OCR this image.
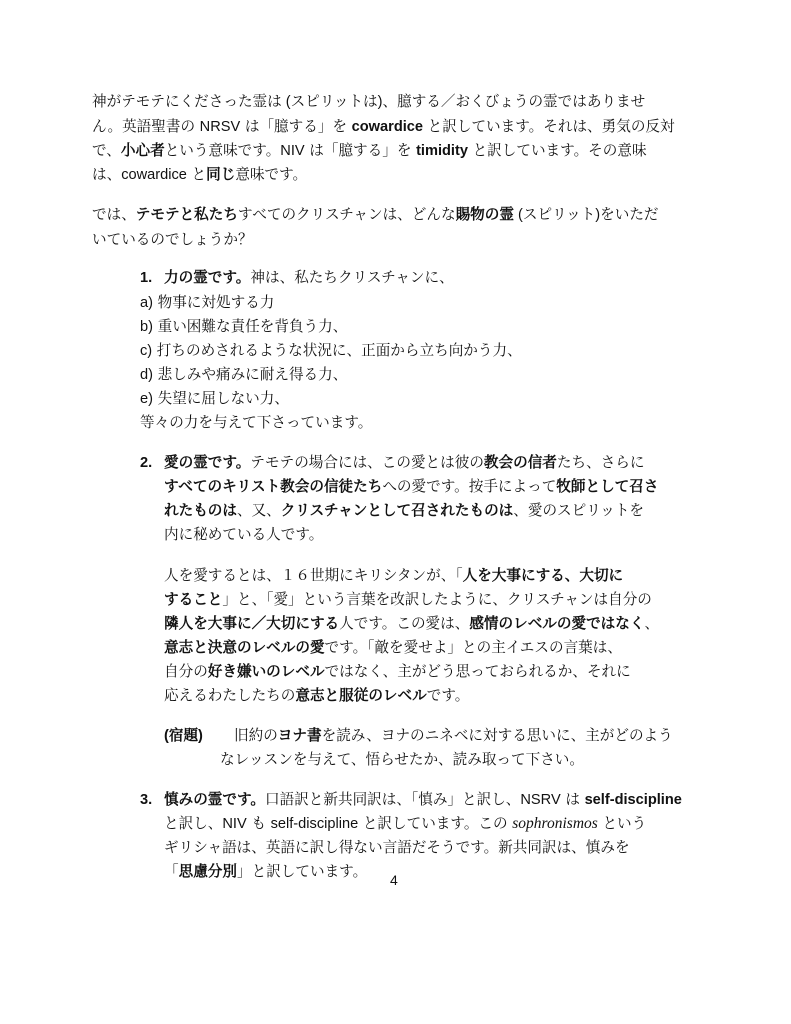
神がテモテにくださった霊は (スピリットは)、臆する／おくびょうの霊ではありませ
ん。英語聖書の NRSV は「臆する」を cowardice と訳しています。それは、勇気の反対
で、小心者という意味です。NIV は「臆する」を timidity と訳しています。その意味
は、cowardice と同じ意味です。
では、テモテと私たちすべてのクリスチャンは、どんな賜物の霊 (スピリット)をいただ
いているのでしょうか？
1. 力の霊です。神は、私たちクリスチャンに、
a) 物事に対処する力
b) 重い困難な責任を背負う力、
c) 打ちのめされるような状況に、正面から立ち向かう力、
d) 悲しみや痛みに耐え得る力、
e) 失望に屈しない力、
等々の力を与えて下さっています。
2. 愛の霊です。テモテの場合には、この愛とは彼の教会の信者たち、さらに
すべてのキリスト教会の信徒たちへの愛です。按手によって牧師として召さ
れたものは、又、クリスチャンとして召されたものは、愛のスピリットを
内に秘めている人です。
人を愛するとは、１６世期にキリシタンが、「人を大事にする、大切に
すること」と、「愛」という言葉を改訳したように、クリスチャンは自分の
隣人を大事に／大切にする人です。この愛は、感情のレベルの愛ではなく、
意志と決意のレベルの愛です。「敵を愛せよ」との主イエスの言葉は、
自分の好き嫌いのレベルではなく、主がどう思っておられるか、それに
応えるわたしたちの意志と服従のレベルです。
(宿題) 旧約のヨナ書を読み、ヨナのニネベに対する思いに、主がどのよう
なレッスンを与えて、悟らせたか、読み取って下さい。
3. 慎みの霊です。口語訳と新共同訳は、「慎み」と訳し、NSRV は self-discipline
と訳し、NIV も self-discipline と訳しています。この sophronismos という
ギリシャ語は、英語に訳し得ない言語だそうです。新共同訳は、慎みを
「思慮分別」と訳しています。 4
